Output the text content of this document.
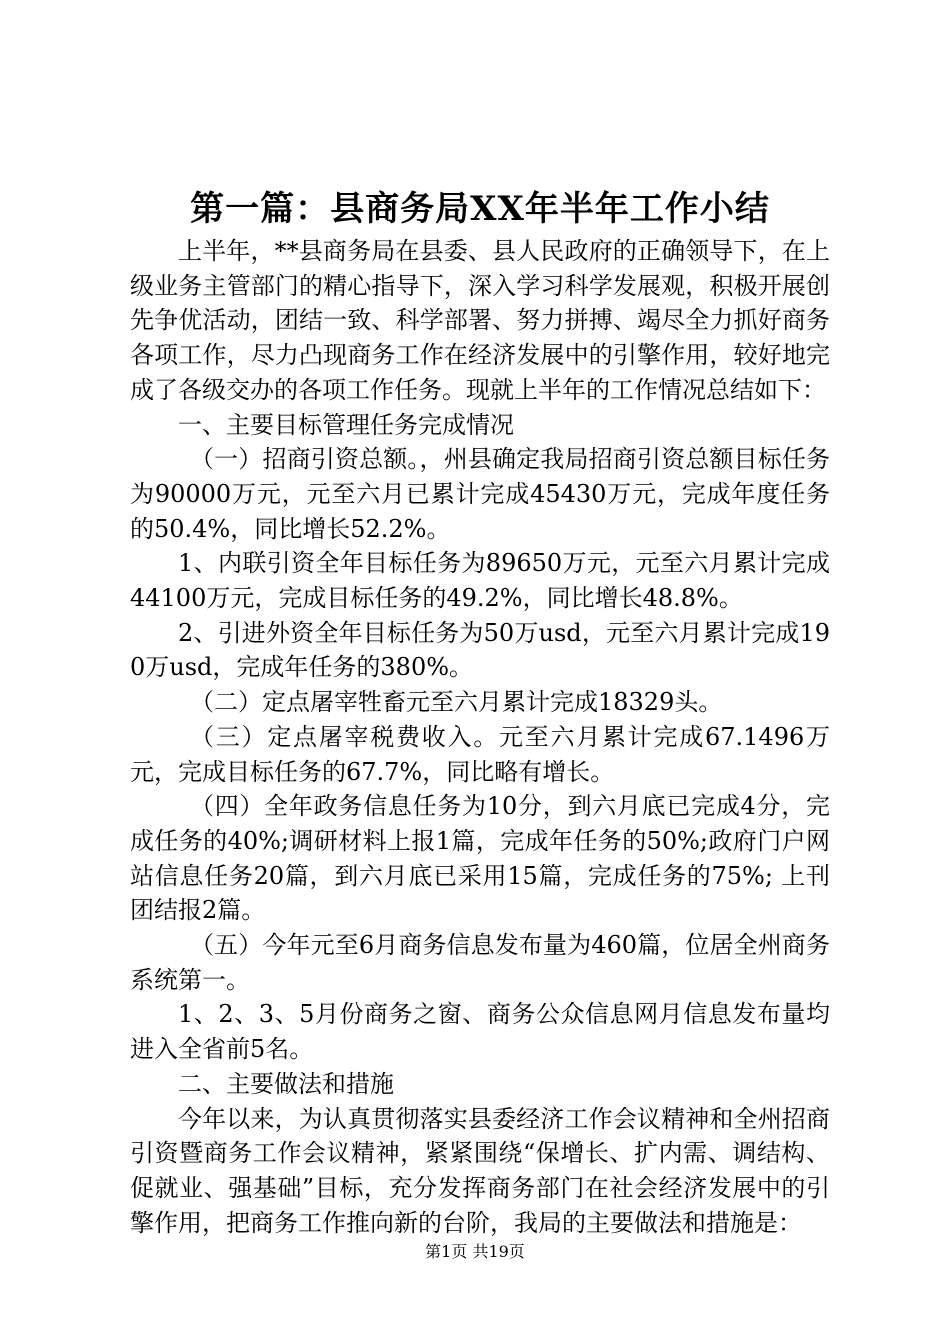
第一篇：县商务局XX年半年工作小结

上半年，**县商务局在县委、县人民政府的正确领导下，在上级业务主管部门的精心指导下，深入学习科学发展观，积极开展创先争优活动，团结一致、科学部署、努力拼搏、竭尽全力抓好商务各项工作，尽力凸现商务工作在经济发展中的引擎作用，较好地完成了各级交办的各项工作任务。现就上半年的工作情况总结如下：

一、主要目标管理任务完成情况

（一）招商引资总额。，州县确定我局招商引资总额目标任务为90000万元，元至六月已累计完成45430万元，完成年度任务的50.4%，同比增长52.2%。

1、内联引资全年目标任务为89650万元，元至六月累计完成44100万元，完成目标任务的49.2%，同比增长48.8%。

2、引进外资全年目标任务为50万usd，元至六月累计完成190万usd，完成年任务的380%。

（二）定点屠宰牲畜元至六月累计完成18329头。

（三）定点屠宰税费收入。元至六月累计完成67.1496万元，完成目标任务的67.7%，同比略有增长。

（四）全年政务信息任务为10分，到六月底已完成4分，完成任务的40%;调研材料上报1篇，完成年任务的50%;政府门户网站信息任务20篇，到六月底已采用15篇，完成任务的75%; 上刊团结报2篇。

（五）今年元至6月商务信息发布量为460篇，位居全州商务系统第一。

1、2、3、5月份商务之窗、商务公众信息网月信息发布量均进入全省前5名。

二、主要做法和措施

今年以来，为认真贯彻落实县委经济工作会议精神和全州招商引资暨商务工作会议精神，紧紧围绕“保增长、扩内需、调结构、促就业、强基础”目标，充分发挥商务部门在社会经济发展中的引擎作用，把商务工作推向新的台阶，我局的主要做法和措施是：

第1页 共19页
